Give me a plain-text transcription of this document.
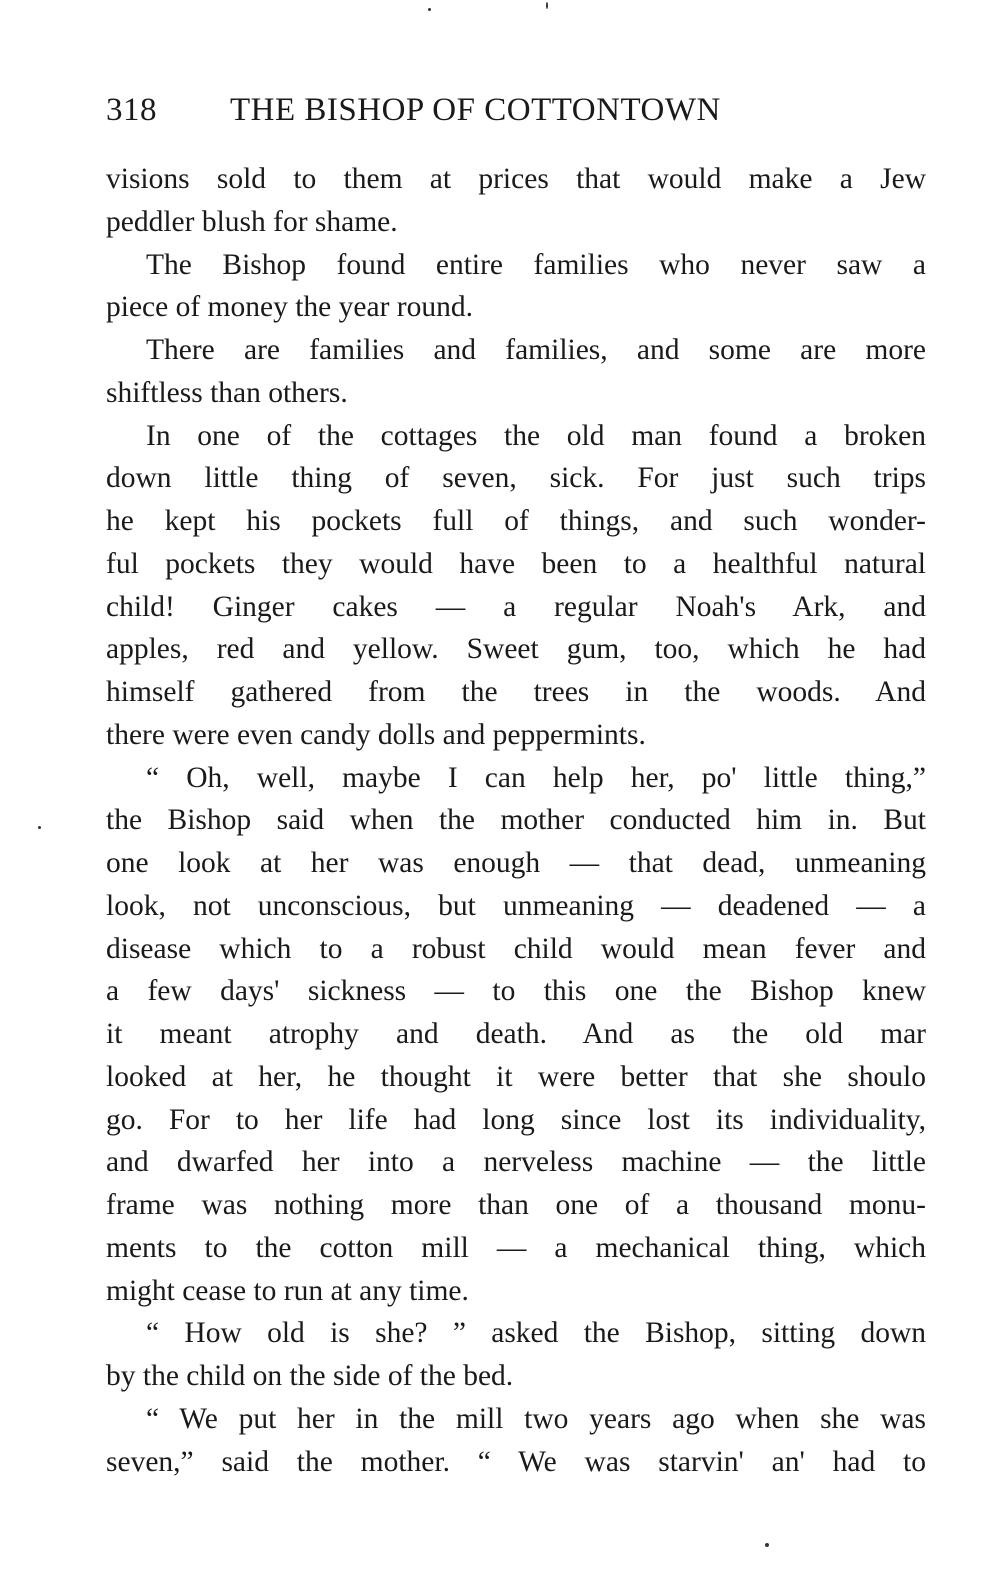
318 THE BISHOP OF COTTONTOWN
visions sold to them at prices that would make a Jew
peddler blush for shame.
The Bishop found entire families who never saw a
piece of money the year round.
There are families and families, and some are more
shiftless than others.
In one of the cottages the old man found a broken
down little thing of seven, sick. For just such trips
he kept his pockets full of things, and such wonder-
ful pockets they would have been to a healthful natural
child! Ginger cakes — a regular Noah's Ark, and
apples, red and yellow. Sweet gum, too, which he had
himself gathered from the trees in the woods. And
there were even candy dolls and peppermints.
“ Oh, well, maybe I can help her, po' little thing,”
the Bishop said when the mother conducted him in. But
one look at her was enough — that dead, unmeaning
look, not unconscious, but unmeaning — deadened — a
disease which to a robust child would mean fever and
a few days' sickness — to this one the Bishop knew
it meant atrophy and death. And as the old mar
looked at her, he thought it were better that she shoulo
go. For to her life had long since lost its individuality,
and dwarfed her into a nerveless machine — the little
frame was nothing more than one of a thousand monu-
ments to the cotton mill — a mechanical thing, which
might cease to run at any time.
“ How old is she? ” asked the Bishop, sitting down
by the child on the side of the bed.
“ We put her in the mill two years ago when she was
seven,” said the mother. “ We was starvin' an' had to
